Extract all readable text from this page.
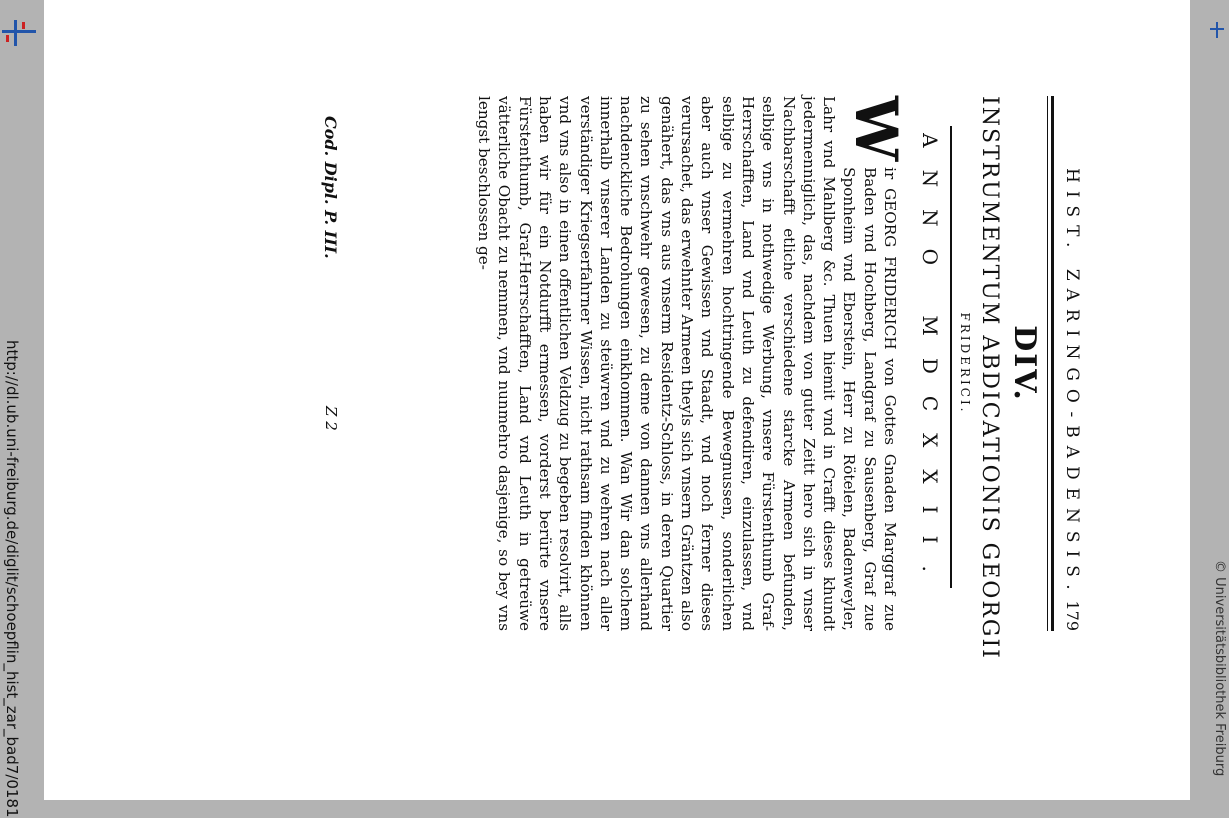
http://dl.ub.uni-freiburg.de/diglit/schoepflin_hist_zar_bad7/0181	HIST. ZARINGO-BADENSIS.
179
DIV.
INSTRUMENTUM ABDICATIONIS GEORGII
FRIDERICI.
ANNO MDCXXII.
W
ir GEORG FRIDERICH von Gottes Gnaden Marggraf zue Baden vnd Hochberg, Landgraf zu Sausenberg, Graf zue Sponheim vnd Eberstein, Herr zu Rötelen, Badenweyler, Lahr vnd Mahlberg &c. Thuen hiemit vnd in Crafft dieses khundt jedermenniglich, das, nachdem von guter Zeitt hero sich in vnser Nachbarschafft etliche verschiedene starcke Armeen befunden, selbige vns in nothwedige Werbung, vnsere Fürstenthumb Graf-Herrschafften, Land vnd Leuth zu defendiren, einzulassen, vnd selbige zu vermehren hochtringende Bewegnussen, sonderlichen aber auch vnser Gewissen vnd Staadt, vnd noch ferner dieses verursachet, das erwehnter Armeen theyls sich vnsern Gräntzen also genähert, das vns aus vnserm Residentz-Schloss, in deren Quartier zu sehen vnschwehr gewesen, zu deme von dannen vns allerhand nachdenckliche Bedrohungen einkhommen. Wan Wir dan solchem innerhalb vnserer Landen zu steüwren vnd zu wehren nach aller verständiger Kriegserfahrner Wissen, nicht rathsam finden khönnen vnd vns also in einen offentlichen Veldzug zu begeben resolvirt, alls haben wir für ein Notdurfft ermessen, vorderst berürte vnsere Fürstenthumb, Graf-Herrschafften, Land vnd Leuth in getreüwe vätterliche Obacht zu nemmen, vnd nunmehro dasjenige, so bey vns lengst beschlossen ge-
Cod. Dipl. P. III.
Z 2
© Universitätsbibliothek Freiburg
